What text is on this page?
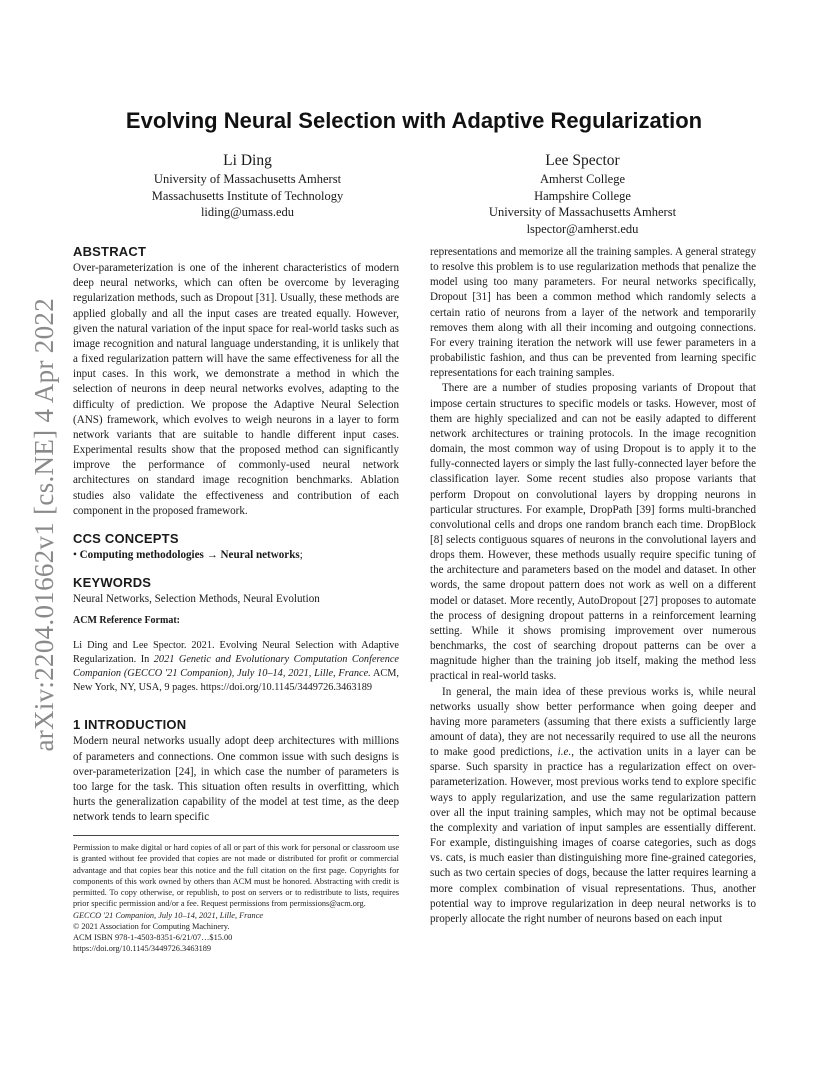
arXiv:2204.01662v1 [cs.NE] 4 Apr 2022
Evolving Neural Selection with Adaptive Regularization
Li Ding
University of Massachusetts Amherst
Massachusetts Institute of Technology
liding@umass.edu
Lee Spector
Amherst College
Hampshire College
University of Massachusetts Amherst
lspector@amherst.edu
ABSTRACT

Over-parameterization is one of the inherent characteristics of modern deep neural networks, which can often be overcome by leveraging regularization methods, such as Dropout [31]. Usually, these methods are applied globally and all the input cases are treated equally. However, given the natural variation of the input space for real-world tasks such as image recognition and natural language understanding, it is unlikely that a fixed regularization pattern will have the same effectiveness for all the input cases. In this work, we demonstrate a method in which the selection of neurons in deep neural networks evolves, adapting to the difficulty of prediction. We propose the Adaptive Neural Selection (ANS) framework, which evolves to weigh neurons in a layer to form network variants that are suitable to handle different input cases. Experimental results show that the proposed method can significantly improve the performance of commonly-used neural network architectures on standard image recognition benchmarks. Ablation studies also validate the effectiveness and contribution of each component in the proposed framework.

CCS CONCEPTS
• Computing methodologies → Neural networks;
KEYWORDS

Neural Networks, Selection Methods, Neural Evolution

ACM Reference Format:

Li Ding and Lee Spector. 2021. Evolving Neural Selection with Adaptive Regularization. In 2021 Genetic and Evolutionary Computation Conference Companion (GECCO '21 Companion), July 10–14, 2021, Lille, France. ACM, New York, NY, USA, 9 pages. https://doi.org/10.1145/3449726.3463189

1 INTRODUCTION

Modern neural networks usually adopt deep architectures with millions of parameters and connections. One common issue with such designs is over-parameterization [24], in which case the number of parameters is too large for the task. This situation often results in overfitting, which hurts the generalization capability of the model at test time, as the deep network tends to learn specific

Permission to make digital or hard copies of all or part of this work for personal or classroom use is granted without fee provided that copies are not made or distributed for profit or commercial advantage and that copies bear this notice and the full citation on the first page. Copyrights for components of this work owned by others than ACM must be honored. Abstracting with credit is permitted. To copy otherwise, or republish, to post on servers or to redistribute to lists, requires prior specific permission and/or a fee. Request permissions from permissions@acm.org.
GECCO '21 Companion, July 10–14, 2021, Lille, France
© 2021 Association for Computing Machinery.
ACM ISBN 978-1-4503-8351-6/21/07…$15.00
https://doi.org/10.1145/3449726.3463189

representations and memorize all the training samples. A general strategy to resolve this problem is to use regularization methods that penalize the model using too many parameters. For neural networks specifically, Dropout [31] has been a common method which randomly selects a certain ratio of neurons from a layer of the network and temporarily removes them along with all their incoming and outgoing connections. For every training iteration the network will use fewer parameters in a probabilistic fashion, and thus can be prevented from learning specific representations for each training samples.

There are a number of studies proposing variants of Dropout that impose certain structures to specific models or tasks. However, most of them are highly specialized and can not be easily adapted to different network architectures or training protocols. In the image recognition domain, the most common way of using Dropout is to apply it to the fully-connected layers or simply the last fully-connected layer before the classification layer. Some recent studies also propose variants that perform Dropout on convolutional layers by dropping neurons in particular structures. For example, DropPath [39] forms multi-branched convolutional cells and drops one random branch each time. DropBlock [8] selects contiguous squares of neurons in the convolutional layers and drops them. However, these methods usually require specific tuning of the architecture and parameters based on the model and dataset. In other words, the same dropout pattern does not work as well on a different model or dataset. More recently, AutoDropout [27] proposes to automate the process of designing dropout patterns in a reinforcement learning setting. While it shows promising improvement over numerous benchmarks, the cost of searching dropout patterns can be over a magnitude higher than the training job itself, making the method less practical in real-world tasks.

In general, the main idea of these previous works is, while neural networks usually show better performance when going deeper and having more parameters (assuming that there exists a sufficiently large amount of data), they are not necessarily required to use all the neurons to make good predictions, i.e., the activation units in a layer can be sparse. Such sparsity in practice has a regularization effect on over-parameterization. However, most previous works tend to explore specific ways to apply regularization, and use the same regularization pattern over all the input training samples, which may not be optimal because the complexity and variation of input samples are essentially different. For example, distinguishing images of coarse categories, such as dogs vs. cats, is much easier than distinguishing more fine-grained categories, such as two certain species of dogs, because the latter requires learning a more complex combination of visual representations. Thus, another potential way to improve regularization in deep neural networks is to properly allocate the right number of neurons based on each input
